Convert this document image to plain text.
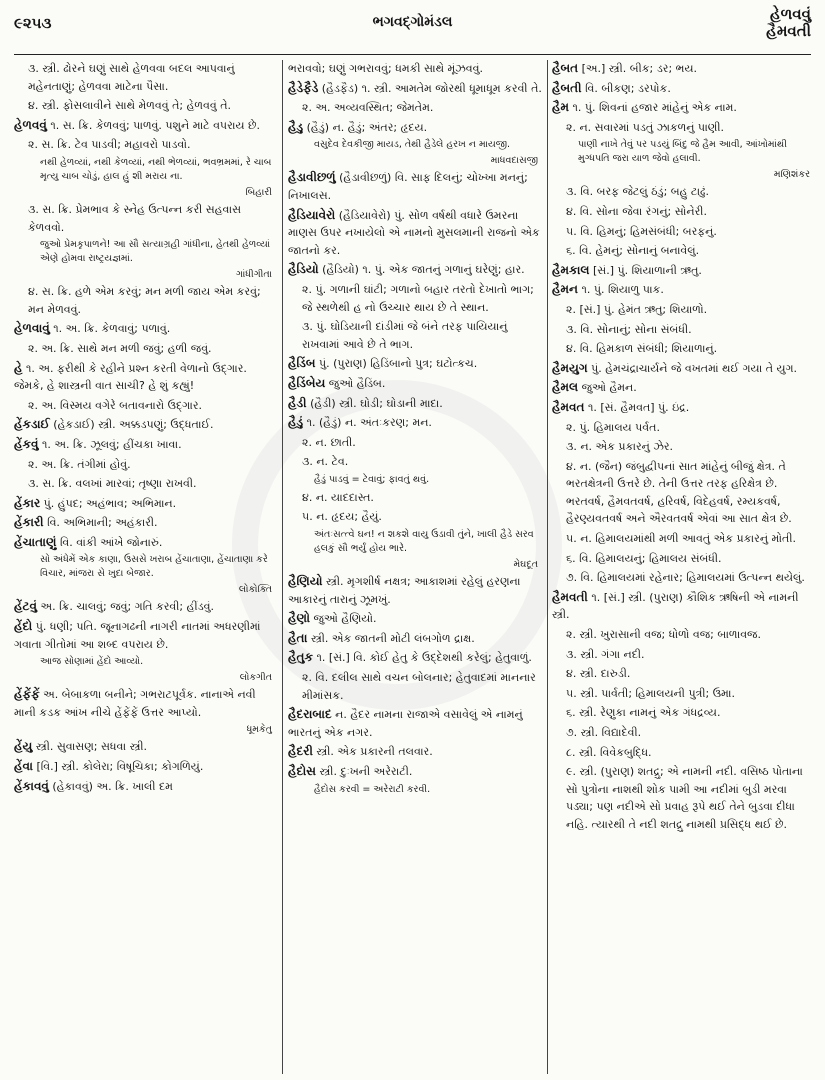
૯૨૫૩	ભગવદ્ગોમંડલ	હેળવવું
હૈમવતી
૩. સ્ત્રી. ઢોરને ઘણું સાથે હેળવવા બદલ આપવાનું મહેનતાણું; હેળવવા માટેના પૈસા.
૪. સ્ત્રી. ફોસલાવીને સાથે મેળવવું તે; હેળવવું તે.
હેળવવું ૧. સ. ક્રિ. કેળવવું; પાળવું. પશુને માટે વપરાય છે.
૨. સ. ક્રિ. ટેવ પાડવી; મહાવરો પાડવો.
નથી હેળવ્યાં, નથી કેળવ્યાં, નથી ભેળવ્યાં, ભવભ્રમમાં, રે ચાબ મૃત્યુ ચાબ ચોડું, હાલ હું શી મરાય ના.
બિહારી
૩. સ. ક્રિ. પ્રેમભાવ કે સ્નેહ ઉત્પન્ન કરી સહવાસ કેળવવો.
જુઓ પ્રેમકૃપાળને! આ સૌ સત્યાગ્રહી ગાંધીના, હેતથી હેળવ્યાં એણે હોમવા રાષ્ટ્રયજ્ઞમાં.
ગાંધીગીતા
૪. સ. ક્રિ. હળે એમ કરવું; મન મળી જાય એમ કરવું; મન મેળવવું.
હેળવાવું ૧. અ. ક્રિ. કેળવાવું; પળાવું.
૨. અ. ક્રિ. સાથે મન મળી જવું; હળી જવું.
હે ૧. અ. ફરીથી કે રહીને પ્રશ્ન કરતી વેળાનો ઉદ્ગાર. જેમકે, હે શાસ્ત્રની વાત સાચી? હે શું કહ્યું!
૨. અ. વિસ્મય વગેરે બતાવનારો ઉદ્ગાર.
હેંકડાઈ (હેકડાઈ) સ્ત્રી. અક્કડપણું; ઉદ્ધતાઈ.
હેંકવું ૧. અ. ક્રિ. ઝૂલવું; હીંચકા ખાવા.
૨. અ. ક્રિ. તંગીમાં હોવું.
૩. સ. ક્રિ. વલખાં મારવાં; તૃષ્ણા રાખવી.
હેંકાર પું. હુંપદ; અહંભાવ; અભિમાન.
હેંકારી વિ. અભિમાની; અહંકારી.
હેંચાતાણું વિ. વાંકી આંખે જોનારું.
સો અંધેમેં એક કાણા, ઉસસે ખરાબ હેંચાતાણા, હેંચાતાણા કરે વિચાર, માંજરા સે ખુદા બેજાર.
લોકોક્તિ
હેંટવું અ. ક્રિ. ચાલવું; જવું; ગતિ કરવી; હીંડવું.
હેંદો પું. ધણી; પતિ. જૂનાગઢની નાગરી નાતમાં અધરણીમાં ગવાતા ગીતોમાં આ શબ્દ વપરાય છે.
આજ સોણામાં હેંદો આવ્યો.
લોકગીત
હેંફેંફેં અ. બેબાકળા બનીને; ગભરાટપૂર્વક. નાનાએ નવી માની કડક આંખ નીચે હેંફેંફેં ઉત્તર આપ્યો.
ધૂમકેતુ
હેંયુ સ્ત્રી. સુવાસણ; સધવા સ્ત્રી.
હેંવા [વિ.] સ્ત્રી. કોલેરા; વિષૂચિકા; કોગળિયું.
હેંકાવવું (હેકાવવું) અ. ક્રિ. ખાલી દમ
ભરાવવો; ઘણું ગભરાવવું; ધમકી સાથે મૂંઝવવું.
હૈડેફૈડે (હૈડફૈડ) ૧. સ્ત્રી. આમતેમ જોરથી ધૂમાધૂમ કરવી તે.
૨. અ. અવ્યવસ્થિત; જેમતેમ.
હૈડુ (હૈડું) ન. હૈડું; અંતર; હૃદય.
વસુદેવ દેવકીજી માયડ, તેથી હૈડેલે હરખ ન માયજી.
માધવદાસજી
હૈડાવીછળુંં (હૈડાવીછળું) વિ. સાફ દિલનું; ચોખ્ખા મનનું; નિખાલસ.
હૈડિયાવેરો (હૈડિયાવેરો) પું. સોળ વર્ષથી વધારે ઉમરના માણસ ઉપર નખાયેલો એ નામનો મુસલમાની રાજનો એક જાતનો કર.
હૈડિયો (હૈડિયો) ૧. પું. એક જાતનું ગળાનું ઘરેણું; હાર.
૨. પું. ગળાની ઘાંટી; ગળાનો બહાર તરતો દેખાતો ભાગ; જે સ્થળેથી હ નો ઉચ્ચાર થાય છે તે સ્થાન.
૩. પું. ઘોડિયાની દાંડીમાં જે બંને તરફ પાયિયાનું રાખવામાં આવે છે તે ભાગ.
હૈડિંબ પું. (પુરાણ) હિડિંબાનો પુત્ર; ઘટોત્કચ.
હૈડિંબેય જુઓ હૈડિંબ.
હૈડી (હૈડી) સ્ત્રી. ઘોડી; ઘોડાની માદા.
હૈડું ૧. (હૈડું) ન. અંતઃકરણ; મન.
૨. ન. છાતી.
૩. ન. ટેવ.
હૈડું પાડવું = ટેવાવું; ફાવતું થવું.
૪. ન. યાદદાસ્ત.
૫. ન. હૃદય; હૈયું.
અંતઃસત્ત્વે ઘન! ન શકશે વાયુ ઉડાવી તુંને, ખાલી હૈડે સરવ હલકું સૌ ભર્યું હોય ભારે.
મેઘદૂત
હૈણિયો સ્ત્રી. મૃગશીર્ષ નક્ષત્ર; આકાશમાં રહેલું હરણના આકારનું તારાનું ઝૂમખું.
હૈણો જુઓ હૈણિયો.
હૈતા સ્ત્રી. એક જાતની મોટી લંબગોળ દ્રાક્ષ.
હૈતુક ૧. [સં.] વિ. કોઈ હેતુ કે ઉદ્દેશથી કરેલું; હેતુવાળું.
૨. વિ. દલીલ સાથે વચન બોલનાર; હેતુવાદમાં માનનાર મીમાંસક.
હૈદરાબાદ ન. હૈદર નામના રાજાએ વસાવેલું એ નામનું ભારતનું એક નગર.
હૈદરી સ્ત્રી. એક પ્રકારની તલવાર.
હૈદોસ સ્ત્રી. દુઃખની અરેરાટી.
હૈદોસ કરવી = અરેરાટી કરવી.
હૈબત [અ.] સ્ત્રી. બીક; ડર; ભય.
હૈબતી વિ. બીકણ; ડરપોક.
હૈમ ૧. પું. શિવનાં હજાર માંહેનું એક નામ.
૨. ન. સવારમાં પડતું ઝાકળનું પાણી.
પાણી નાખે તેવું પર પડયું બિંદુ જે હૈમ આવી, આંખોમાંથી મુગ્ધપતિ જરા યાળ જેવો હલાવી.
મણિશંકર
૩. વિ. બરફ જેટલું ઠંડું; બહુ ટાઢું.
૪. વિ. સોના જેવા રંગનું; સોનેરી.
૫. વિ. હિમનું; હિમસંબંધી; બરફનું.
૬. વિ. હેમનું; સોનાનું બનાવેલું.
હૈમકાલ [સં.] પું. શિયાળાની ઋતુ.
હૈમન ૧. પું. શિયાળુ પાક.
૨. [સં.] પું. હેમંત ઋતુ; શિયાળો.
૩. વિ. સોનાનું; સોના સંબંધી.
૪. વિ. હિમકાળ સંબંધી; શિયાળાનું.
હૈમયુગ પું. હેમચંદ્રાચાર્યને જે વખતમાં થઈ ગયા તે યુગ.
હૈમલ જુઓ હૈમન.
હૈમવત ૧. [સં. હૈમવત] પું. ઇંદ્ર.
૨. પું. હિમાલય પર્વત.
૩. ન. એક પ્રકારનું ઝેર.
૪. ન. (જૈન) જંબુદ્વીપનાં સાત માંહેનું બીજું ક્ષેત્ર. તે ભરતક્ષેત્રની ઉત્તરે છે. તેની ઉત્તર તરફ હરિક્ષેત્ર છે. ભરતવર્ષ, હૈમવતવર્ષ, હરિવર્ષ, વિદેહવર્ષ, રમ્યકવર્ષ, હૈરણ્યવતવર્ષ અને ઐરવતવર્ષ એવાં આ સાત ક્ષેત્ર છે.
૫. ન. હિમાલયમાંથી મળી આવતું એક પ્રકારનું મોતી.
૬. વિ. હિમાલયનું; હિમાલય સંબંધી.
૭. વિ. હિમાલયમાં રહેનાર; હિમાલયમાં ઉત્પન્ન થયેલું.
હૈમવતી ૧. [સં.] સ્ત્રી. (પુરાણ) કૌશિક ઋષિની એ નામની સ્ત્રી.
૨. સ્ત્રી. ખુરાસાની વજ; ધોળો વજ; બાળાવજ.
૩. સ્ત્રી. ગંગા નદી.
૪. સ્ત્રી. દારુડી.
૫. સ્ત્રી. પાર્વતી; હિમાલયની પુત્રી; ઉમા.
૬. સ્ત્રી. રેણુકા નામનું એક ગંધદ્રવ્ય.
૭. સ્ત્રી. વિદ્યાદેવી.
૮. સ્ત્રી. વિવેકબુદ્ધિ.
૯. સ્ત્રી. (પુરાણ) શતદ્રુ; એ નામની નદી. વસિષ્ઠ પોતાના સો પુત્રોના નાશથી શોક પામી આ નદીમાં બુડી મરવા પડ્યા; પણ નદીએ સો પ્રવાહ રૂપે થઈ તેને બુડવા દીધા નહિ. ત્યારથી તે નદી શતદ્રુ નામથી પ્રસિદ્ધ થઈ છે.
